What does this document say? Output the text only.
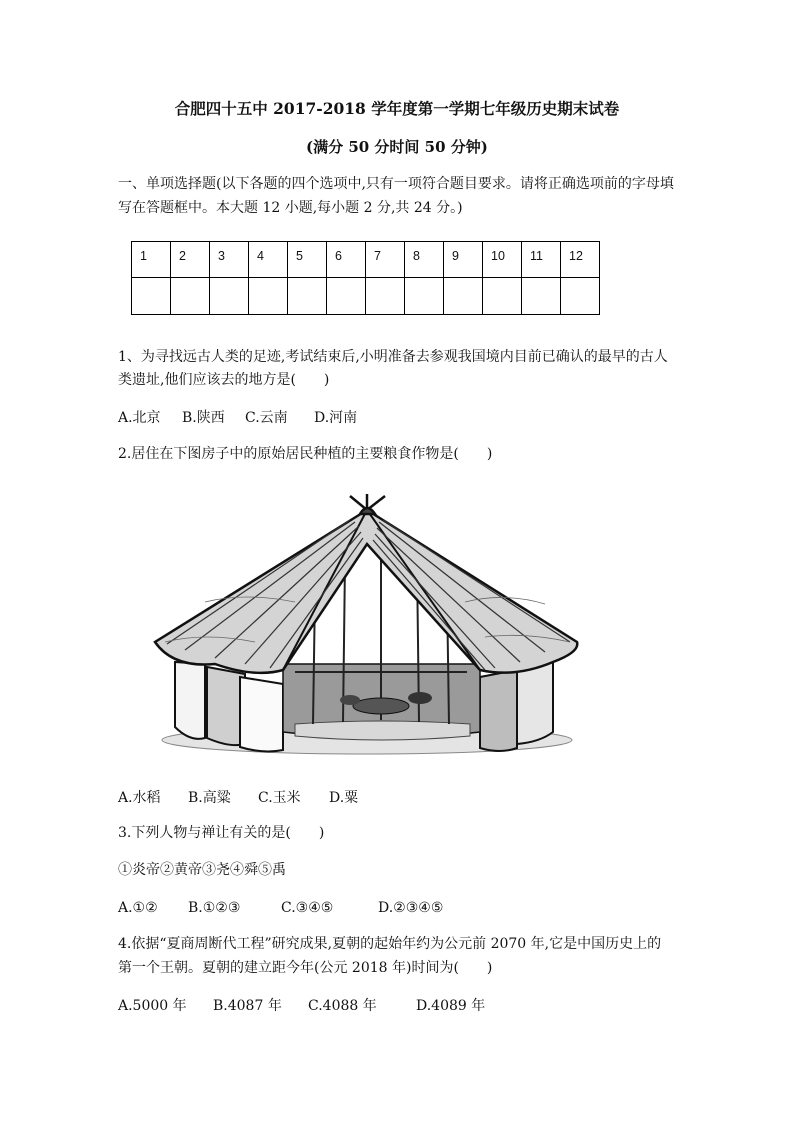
合肥四十五中 2017-2018 学年度第一学期七年级历史期末试卷
(满分 50 分时间 50 分钟)
一、单项选择题(以下各题的四个选项中,只有一项符合题目要求。请将正确选项前的字母填
写在答题框中。本大题 12 小题,每小题 2 分,共 24 分。)
1	2	3	4	5	6	7	8	9	10	11	12

1、为寻找远古人类的足迹,考试结束后,小明准备去参观我国境内目前已确认的最早的古人
类遗址,他们应该去的地方是(　　)
A.北京 B.陕西 C.云南 D.河南
2.居住在下图房子中的原始居民种植的主要粮食作物是(　　)
A.水稻 B.高粱 C.玉米 D.粟
3.下列人物与禅让有关的是(　　)
①炎帝②黄帝③尧④舜⑤禹
A.①② B.①②③	C.③④⑤	D.②③④⑤
4.依据“夏商周断代工程”研究成果,夏朝的起始年约为公元前 2070 年,它是中国历史上的
第一个王朝。夏朝的建立距今年(公元 2018 年)时间为(　　)
A.5000 年 B.4087 年 C.4088 年	D.4089 年
